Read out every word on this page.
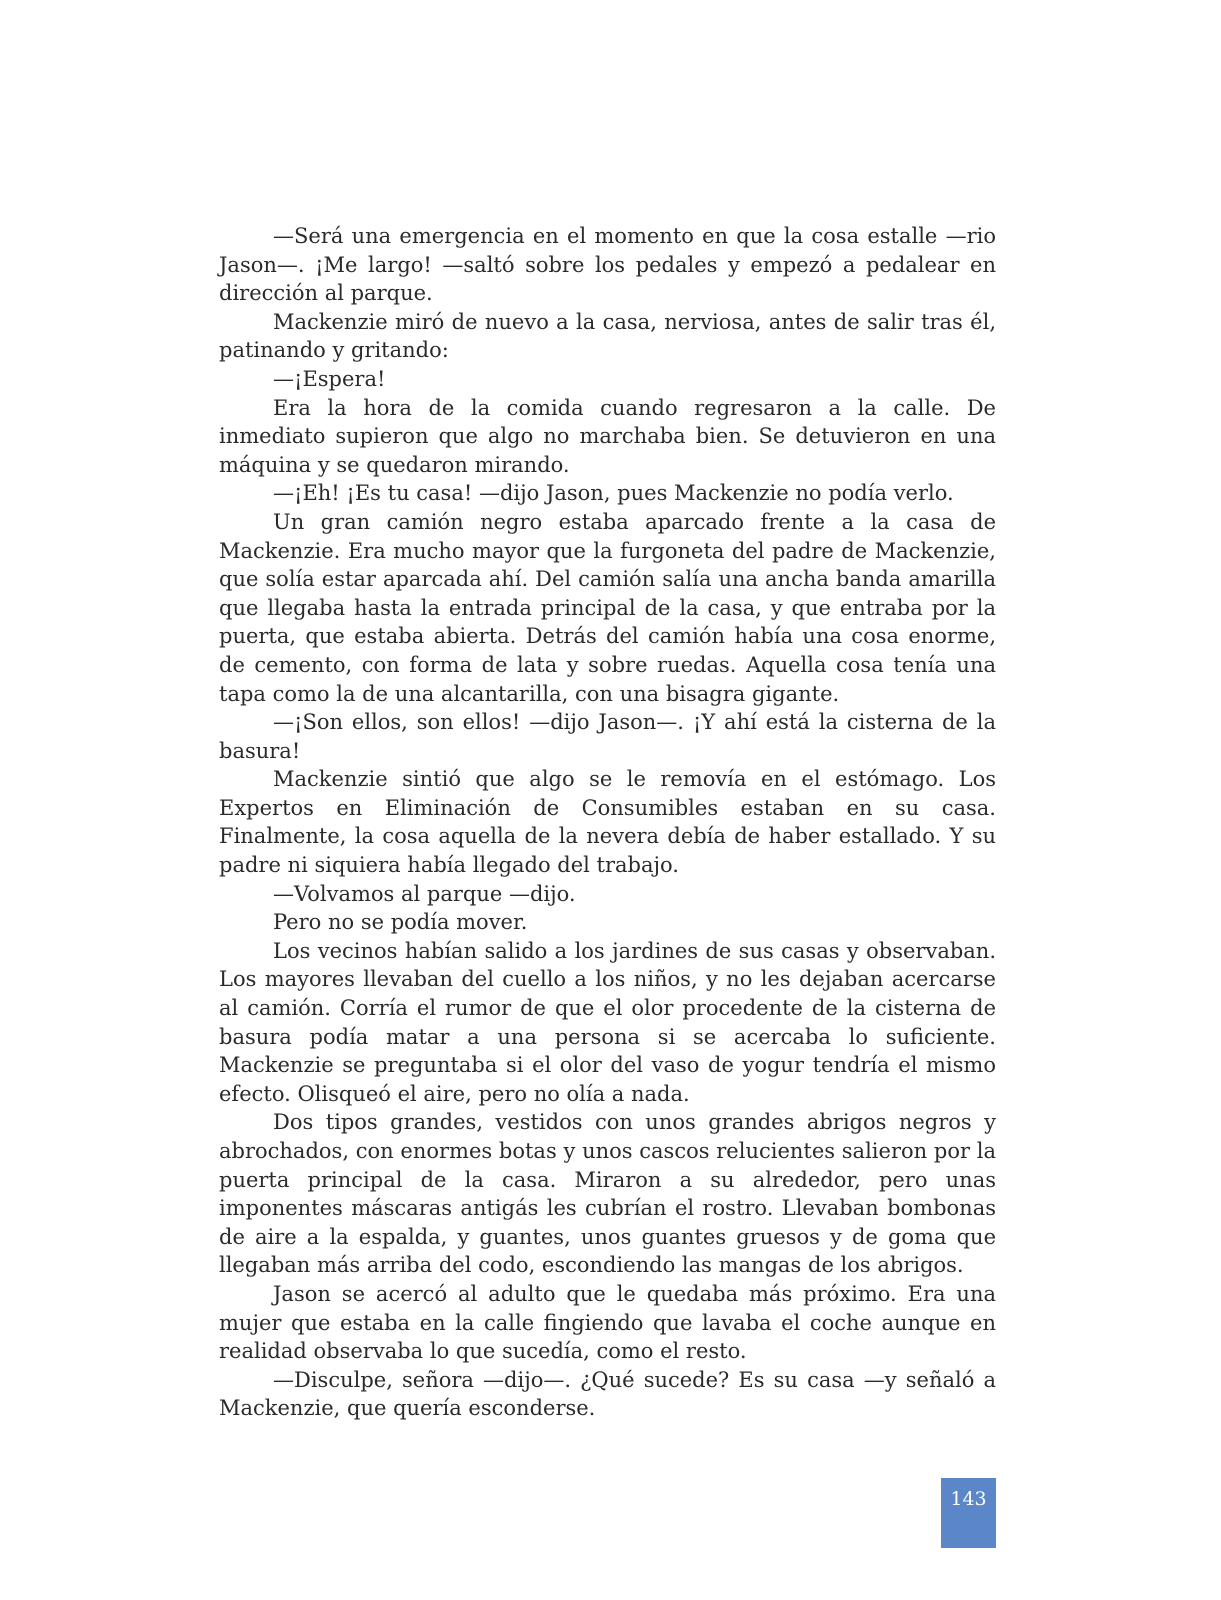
—Será una emergencia en el momento en que la cosa estalle —rio Jason—. ¡Me largo! —saltó sobre los pedales y empezó a pedalear en dirección al parque.

Mackenzie miró de nuevo a la casa, nerviosa, antes de salir tras él, patinando y gritando:

—¡Espera!

Era la hora de la comida cuando regresaron a la calle. De inmediato supieron que algo no marchaba bien. Se detuvieron en una máquina y se quedaron mirando.

—¡Eh! ¡Es tu casa! —dijo Jason, pues Mackenzie no podía verlo.

Un gran camión negro estaba aparcado frente a la casa de Mackenzie. Era mucho mayor que la furgoneta del padre de Mackenzie, que solía estar aparcada ahí. Del camión salía una ancha banda amarilla que llegaba hasta la entrada principal de la casa, y que entraba por la puerta, que estaba abierta. Detrás del camión había una cosa enorme, de cemento, con forma de lata y sobre ruedas. Aquella cosa tenía una tapa como la de una alcantarilla, con una bisagra gigante.

—¡Son ellos, son ellos! —dijo Jason—. ¡Y ahí está la cisterna de la basura!

Mackenzie sintió que algo se le removía en el estómago. Los Expertos en Eliminación de Consumibles estaban en su casa. Finalmente, la cosa aquella de la nevera debía de haber estallado. Y su padre ni siquiera había llegado del trabajo.

—Volvamos al parque —dijo.

Pero no se podía mover.

Los vecinos habían salido a los jardines de sus casas y observaban. Los mayores llevaban del cuello a los niños, y no les dejaban acercarse al camión. Corría el rumor de que el olor procedente de la cisterna de basura podía matar a una persona si se acercaba lo suficiente. Mackenzie se preguntaba si el olor del vaso de yogur tendría el mismo efecto. Olisqueó el aire, pero no olía a nada.

Dos tipos grandes, vestidos con unos grandes abrigos negros y abrochados, con enormes botas y unos cascos relucientes salieron por la puerta principal de la casa. Miraron a su alrededor, pero unas imponentes máscaras antigás les cubrían el rostro. Llevaban bombonas de aire a la espalda, y guantes, unos guantes gruesos y de goma que llegaban más arriba del codo, escondiendo las mangas de los abrigos.

Jason se acercó al adulto que le quedaba más próximo. Era una mujer que estaba en la calle fingiendo que lavaba el coche aunque en realidad observaba lo que sucedía, como el resto.

—Disculpe, señora —dijo—. ¿Qué sucede? Es su casa —y señaló a Mackenzie, que quería esconderse.

143
